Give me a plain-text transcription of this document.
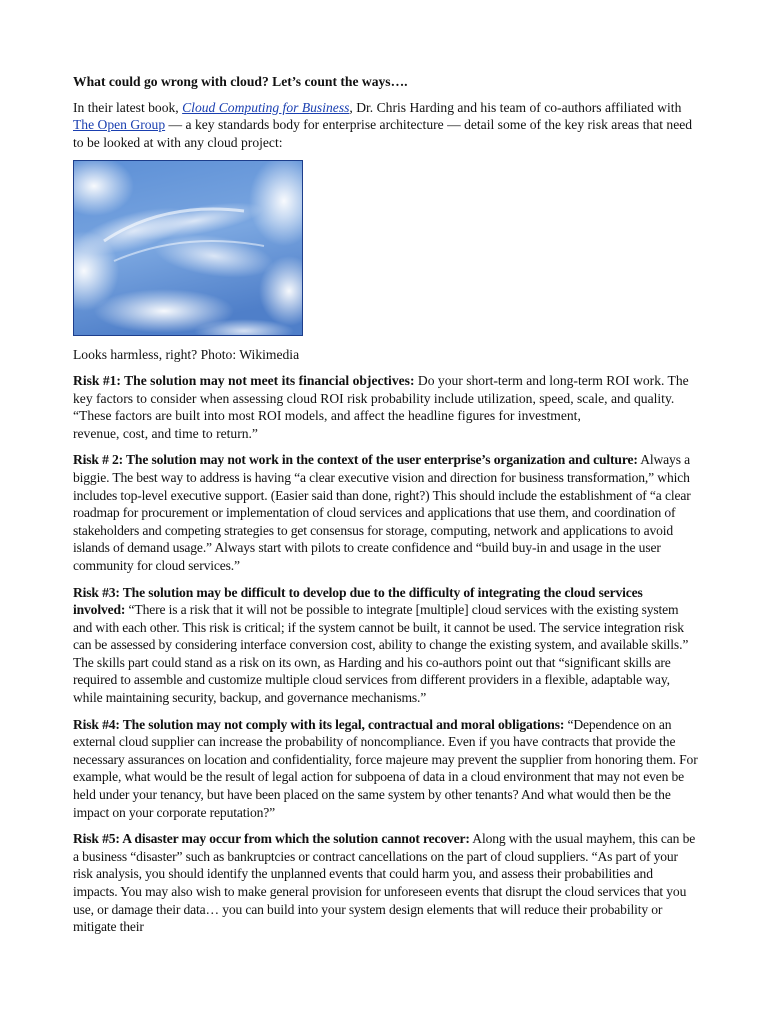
What could go wrong with cloud? Let’s count the ways….

In their latest book, Cloud Computing for Business, Dr. Chris Harding and his team of co-authors affiliated with The Open Group — a key standards body for enterprise architecture — detail some of the key risk areas that need to be looked at with any cloud project:

Looks harmless, right? Photo: Wikimedia

Risk #1: The solution may not meet its financial objectives: Do your short-term and long-term ROI work. The key factors to consider when assessing cloud ROI risk probability include utilization, speed, scale, and quality. “These factors are built into most ROI models, and affect the headline figures for investment,
revenue, cost, and time to return.”

Risk # 2: The solution may not work in the context of the user enterprise’s organization and culture: Always a biggie. The best way to address is having “a clear executive vision and direction for business transformation,” which includes top-level executive support. (Easier said than done, right?) This should include the establishment of “a clear roadmap for procurement or implementation of cloud services and applications that use them, and coordination of stakeholders and competing strategies to get consensus for storage, computing, network and applications to avoid islands of demand usage.” Always start with pilots to create confidence and “build buy-in and usage in the user community for cloud services.”

Risk #3: The solution may be difficult to develop due to the difficulty of integrating the cloud services involved: “There is a risk that it will not be possible to integrate [multiple] cloud services with the existing system and with each other. This risk is critical; if the system cannot be built, it cannot be used. The service integration risk can be assessed by considering interface conversion cost, ability to change the existing system, and available skills.” The skills part could stand as a risk on its own, as Harding and his co-authors point out that “significant skills are required to assemble and customize multiple cloud services from different providers in a flexible, adaptable way, while maintaining security, backup, and governance mechanisms.”

Risk #4: The solution may not comply with its legal, contractual and moral obligations: “Dependence on an external cloud supplier can increase the probability of noncompliance. Even if you have contracts that provide the necessary assurances on location and confidentiality, force majeure may prevent the supplier from honoring them. For example, what would be the result of legal action for subpoena of data in a cloud environment that may not even be held under your tenancy, but have been placed on the same system by other tenants? And what would then be the impact on your corporate reputation?”

Risk #5: A disaster may occur from which the solution cannot recover: Along with the usual mayhem, this can be a business “disaster” such as bankruptcies or contract cancellations on the part of cloud suppliers. “As part of your risk analysis, you should identify the unplanned events that could harm you, and assess their probabilities and impacts. You may also wish to make general provision for unforeseen events that disrupt the cloud services that you use, or damage their data… you can build into your system design elements that will reduce their probability or mitigate their
